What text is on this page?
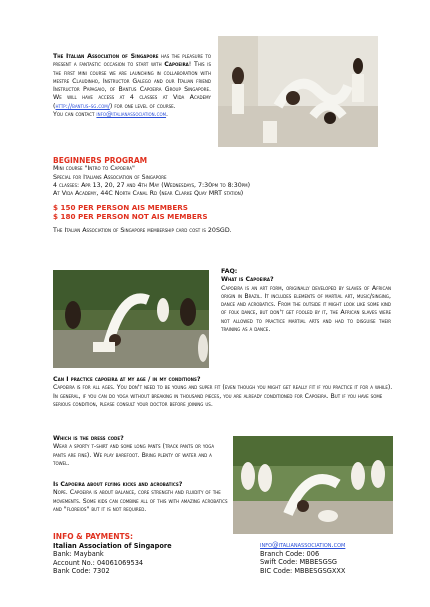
The Italian Association of Singapore has the pleasure to present a fantastic occasion to start with Capoeira! This is the first mini course we are launching in collaboration with mestre Claudinho, Instructor Galego and our Italian friend Instructor Papagaio, of Bantus Capoeira Group Singapore. We will have access at 4 classes at Vida Academy (http://bantus-sg.com/) for one level of course.
You can contact info@italianassociation.com.

BEGINNERS PROGRAM

Mini course "Intro to Capoeira"

Special for Italians Association of Singapore

4 classes: Apr 13, 20, 27 and 4th May (Wednesdays, 7:30pm to 8:30pm)

At Vida Academy, 44C North Canal Rd (near Clarke Quay MRT station)

$ 150 PER PERSON AIS MEMBERS

$ 180 PER PERSON NOT AIS MEMBERS

The Italian Association of Singapore membership card cost is 20SGD.

FAQ:

What is Capoeira?

Capoeira is an art form, originally developed by slaves of African origin in Brazil. It includes elements of martial art, music/singing, dance and acrobatics. From the outside it might look like some kind of folk dance, but don't get fooled by it, the African slaves were not allowed to practice martial arts and had to disguise their training as a dance.

Can I practice capoeira at my age / in my conditions?

Capoeira is for all ages. You don't need to be young and super fit (even though you might get really fit if you practice it for a while). In general, if you can do yoga without breaking in thousand pieces, you are already conditioned for Capoeira. But if you have some serious condition, please consult your doctor before joining us.

Which is the dress code?

Wear a sporty t-shirt and some long pants (track pants or yoga pants are fine). We play barefoot. Bring plenty of water and a towel.

Is Capoeira about flying kicks and acrobatics?

Nope. Capoeira is about balance, core strength and fluidity of the movements. Some kids can combine all of this with amazing acrobatics and "floreios" but it is not required.

INFO & PAYMENTS:

Italian Association of Singapore

Bank: Maybank

Account No.: 04061069534

Bank Code: 7302

info@italianassociation.com

Branch Code: 006

Swift Code: MBBESGSG

BIC Code: MBBESGSGXXX
